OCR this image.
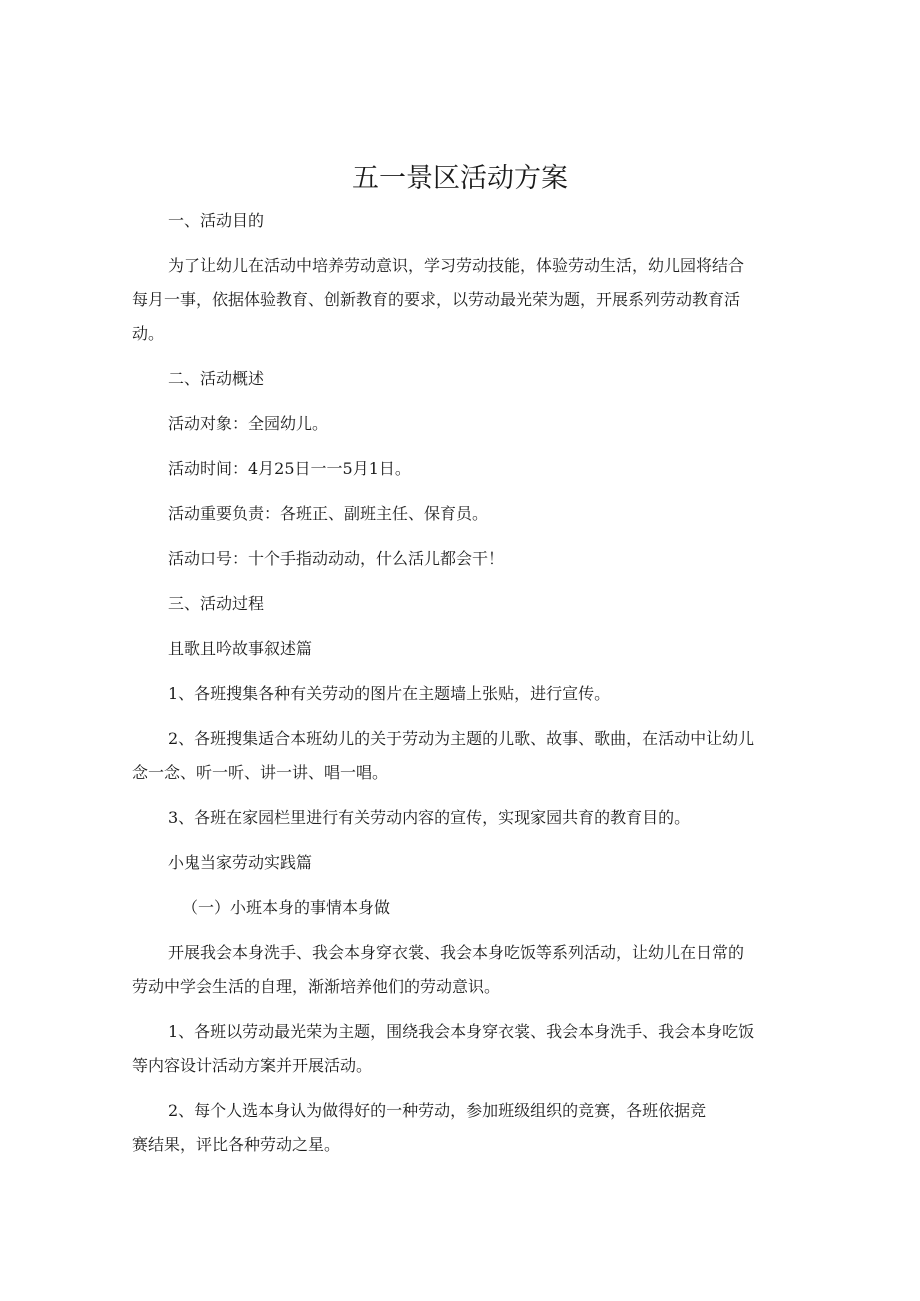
五一景区活动方案

一、活动目的

为了让幼儿在活动中培养劳动意识，学习劳动技能，体验劳动生活，幼儿园将结合
每月一事，依据体验教育、创新教育的要求，以劳动最光荣为题，开展系列劳动教育活
动。

二、活动概述

活动对象：全园幼儿。

活动时间：4月25日一一5月1日。

活动重要负责：各班正、副班主任、保育员。

活动口号：十个手指动动动，什么活儿都会干！

三、活动过程

且歌且吟故事叙述篇

1、各班搜集各种有关劳动的图片在主题墙上张贴，进行宣传。

2、各班搜集适合本班幼儿的关于劳动为主题的儿歌、故事、歌曲，在活动中让幼儿
念一念、听一听、讲一讲、唱一唱。

3、各班在家园栏里进行有关劳动内容的宣传，实现家园共育的教育目的。

小鬼当家劳动实践篇

（一）小班本身的事情本身做

开展我会本身洗手、我会本身穿衣裳、我会本身吃饭等系列活动，让幼儿在日常的
劳动中学会生活的自理，渐渐培养他们的劳动意识。
1、各班以劳动最光荣为主题，围绕我会本身穿衣裳、我会本身洗手、我会本身吃饭
等内容设计活动方案并开展活动。
2、每个人选本身认为做得好的一种劳动，参加班级组织的竞赛，各班依据竞
赛结果，评比各种劳动之星。
